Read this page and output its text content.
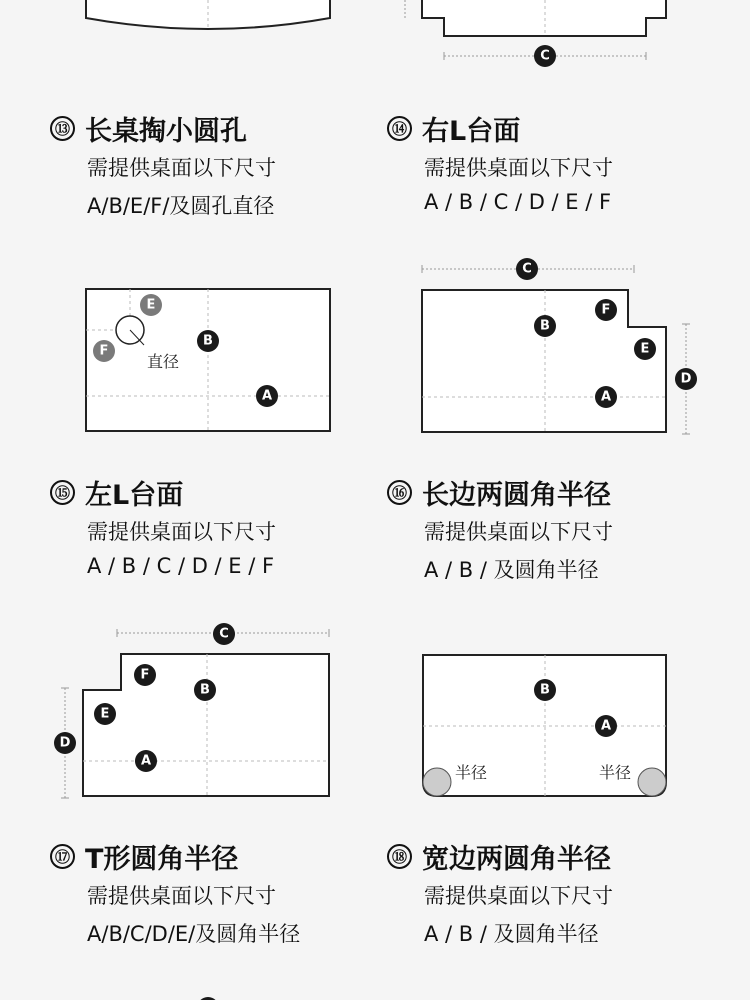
C
E
F
B
A
C
F
B
E
D
A
C
F
B
E
D
A
B
A
直径
半径	半径
⑬ 长桌掏小圆孔
需提供桌面以下尺寸
A/B/E/F/及圆孔直径
⑭ 右L台面
需提供桌面以下尺寸
A / B / C / D / E / F
⑮ 左L台面
需提供桌面以下尺寸
A / B / C / D / E / F
⑯ 长边两圆角半径
需提供桌面以下尺寸
A / B / 及圆角半径
⑰ T形圆角半径
需提供桌面以下尺寸
A/B/C/D/E/及圆角半径
⑱ 宽边两圆角半径
需提供桌面以下尺寸
A / B / 及圆角半径
